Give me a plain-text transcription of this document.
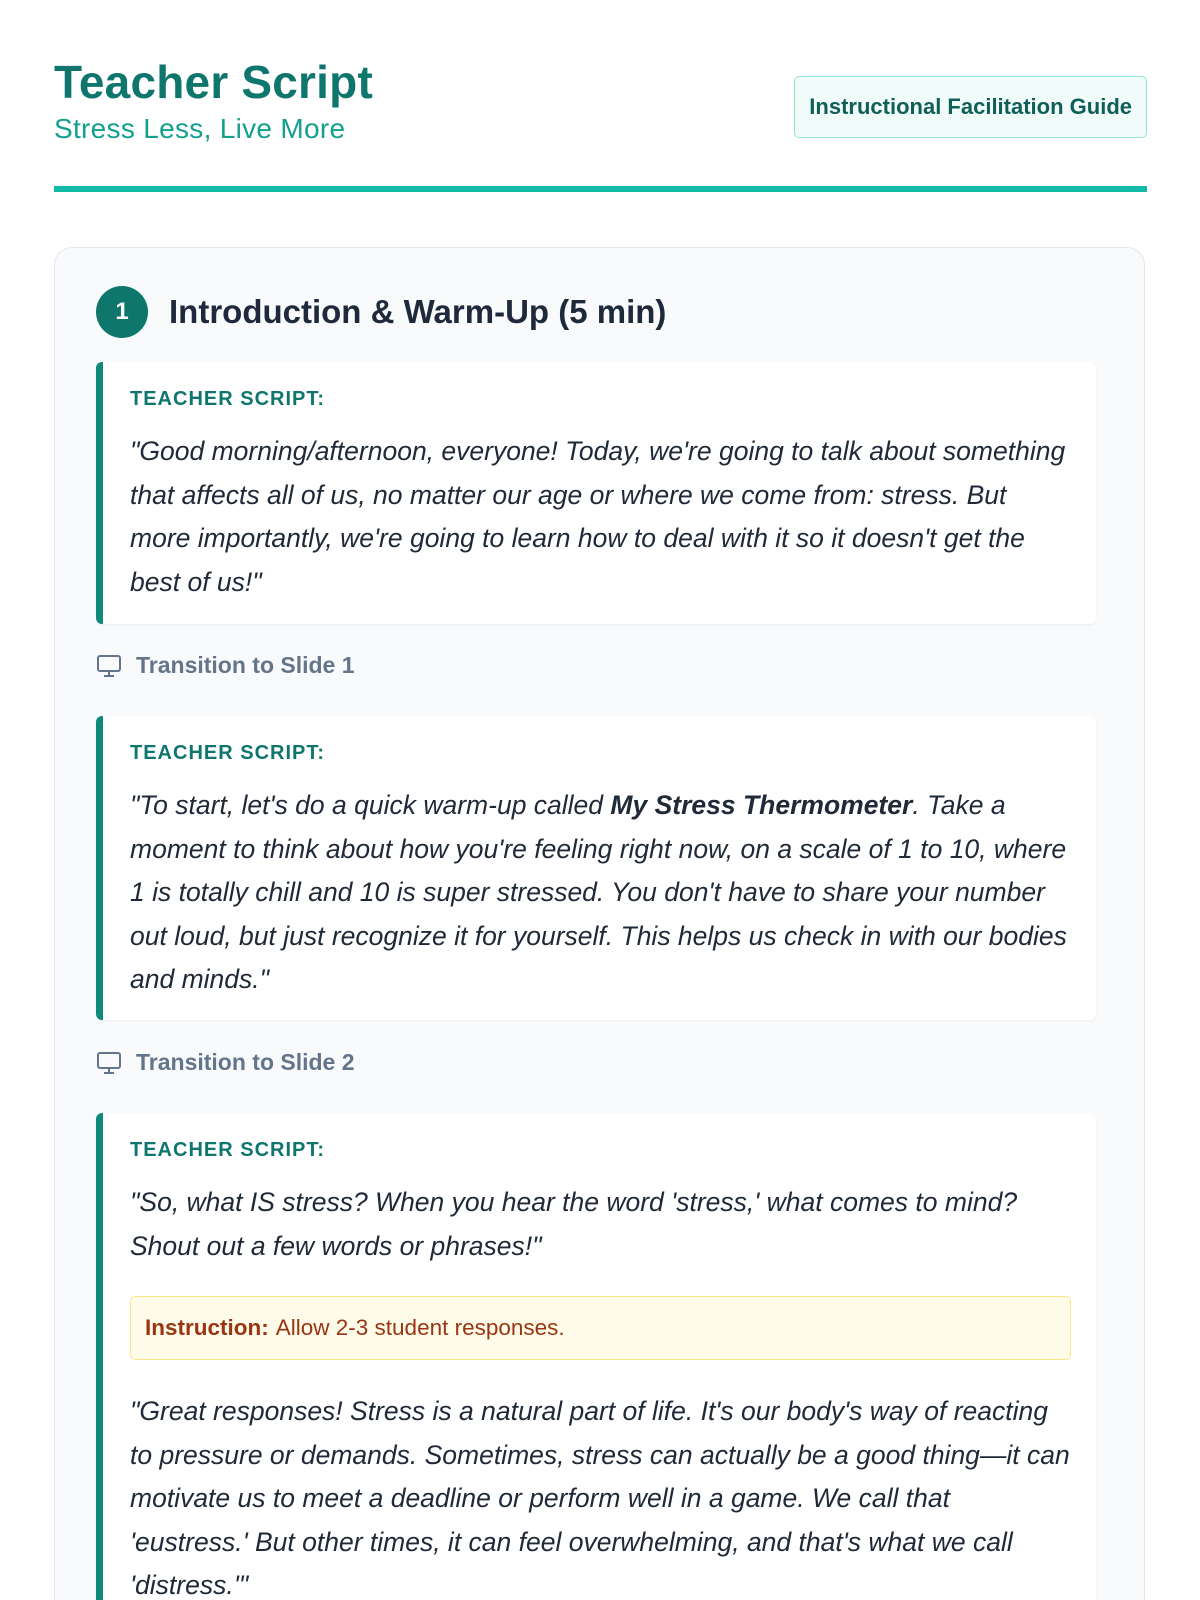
Teacher Script
Stress Less, Live More
Instructional Facilitation Guide
1	Introduction & Warm-Up (5 min)
TEACHER SCRIPT:

"Good morning/afternoon, everyone! Today, we're going to talk about something that affects all of us, no matter our age or where we come from: stress. But more importantly, we're going to learn how to deal with it so it doesn't get the best of us!"

Transition to Slide 1
TEACHER SCRIPT:

"To start, let's do a quick warm-up called My Stress Thermometer. Take a moment to think about how you're feeling right now, on a scale of 1 to 10, where 1 is totally chill and 10 is super stressed. You don't have to share your number out loud, but just recognize it for yourself. This helps us check in with our bodies and minds."

Transition to Slide 2
TEACHER SCRIPT:

"So, what IS stress? When you hear the word 'stress,' what comes to mind? Shout out a few words or phrases!"

Instruction: Allow 2-3 student responses.

"Great responses! Stress is a natural part of life. It's our body's way of reacting to pressure or demands. Sometimes, stress can actually be a good thing—it can motivate us to meet a deadline or perform well in a game. We call that 'eustress.' But other times, it can feel overwhelming, and that's what we call 'distress.'"
